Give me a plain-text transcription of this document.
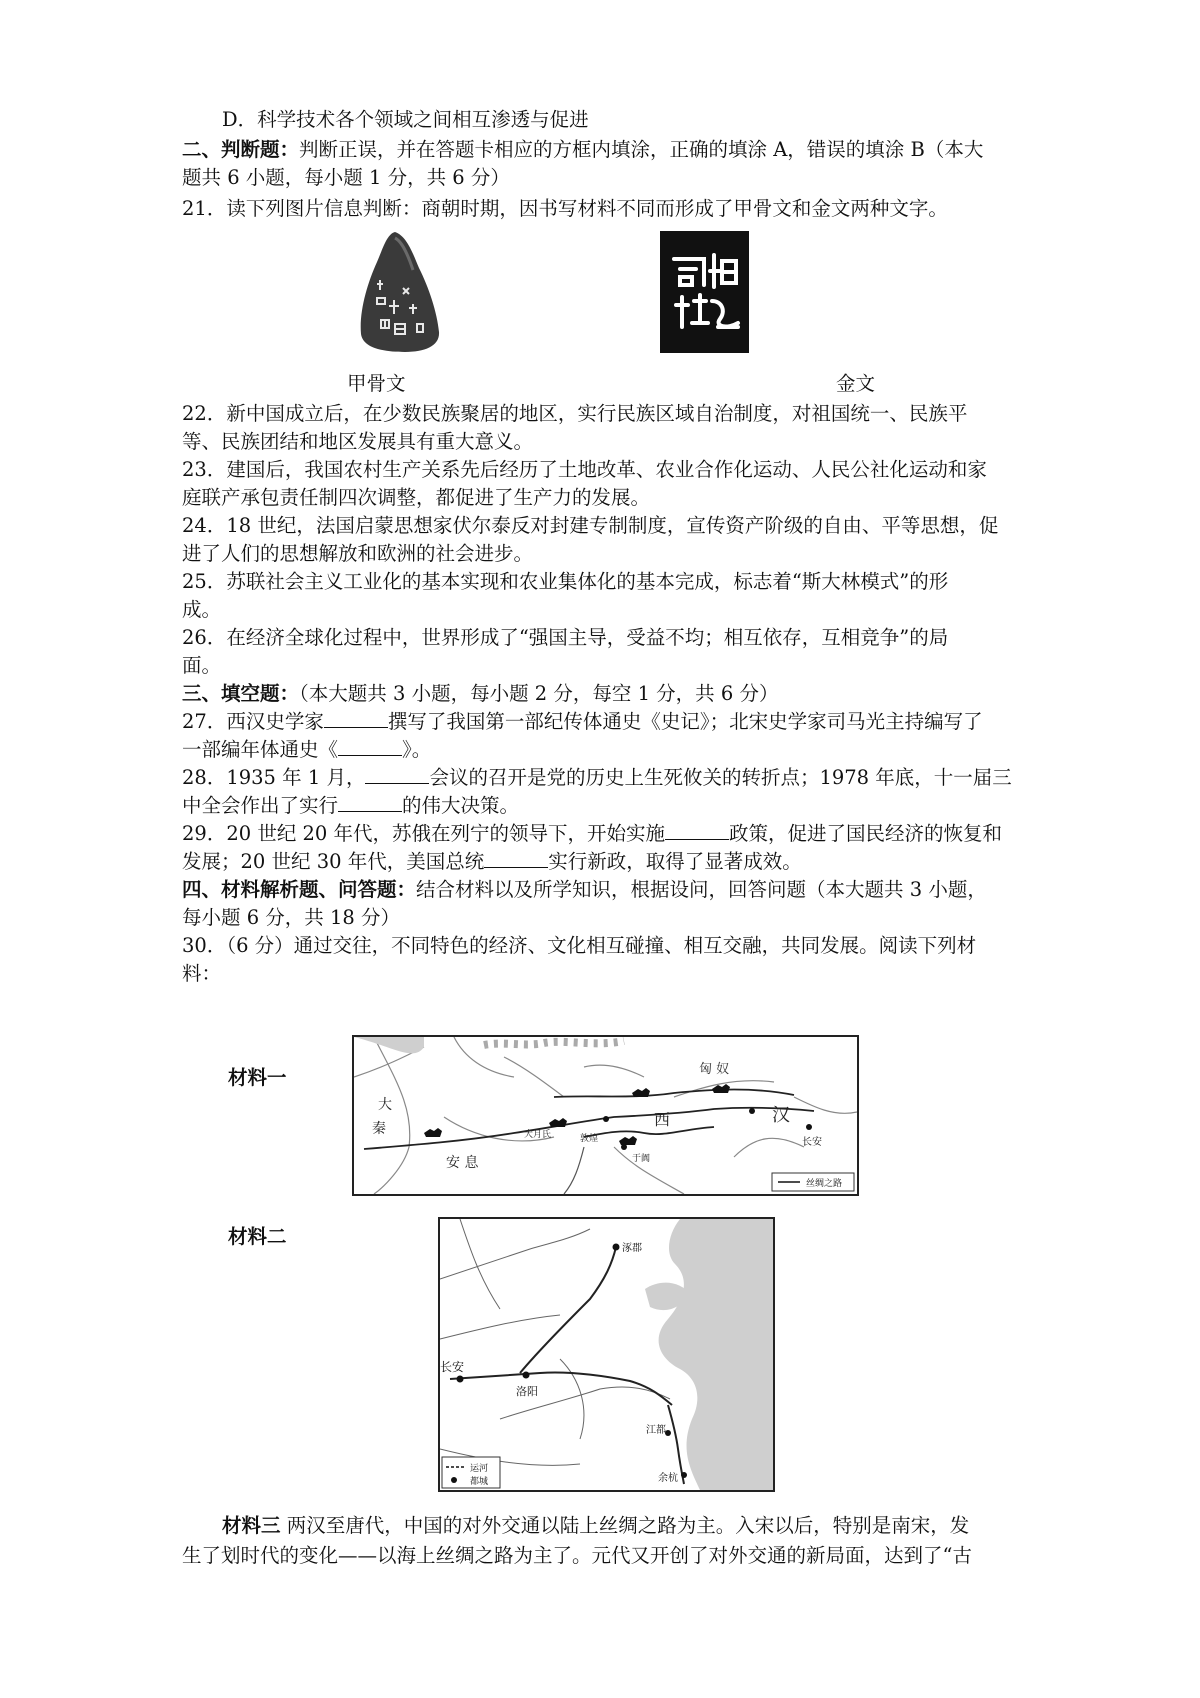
D．科学技术各个领域之间相互渗透与促进
二、判断题：判断正误，并在答题卡相应的方框内填涂，正确的填涂 A，错误的填涂 B（本大
题共 6 小题，每小题 1 分，共 6 分）
21．读下列图片信息判断：商朝时期，因书写材料不同而形成了甲骨文和金文两种文字。
甲骨文	金文
22．新中国成立后，在少数民族聚居的地区，实行民族区域自治制度，对祖国统一、民族平
等、民族团结和地区发展具有重大意义。
23．建国后，我国农村生产关系先后经历了土地改革、农业合作化运动、人民公社化运动和家
庭联产承包责任制四次调整，都促进了生产力的发展。
24．18 世纪，法国启蒙思想家伏尔泰反对封建专制制度，宣传资产阶级的自由、平等思想，促
进了人们的思想解放和欧洲的社会进步。
25．苏联社会主义工业化的基本实现和农业集体化的基本完成，标志着“斯大林模式”的形
成。
26．在经济全球化过程中，世界形成了“强国主导，受益不均；相互依存，互相竞争”的局
面。
三、填空题：（本大题共 3 小题，每小题 2 分，每空 1 分，共 6 分）
27．西汉史学家	撰写了我国第一部纪传体通史《史记》；北宋史学家司马光主持编写了
一部编年体通史《	》。
28．1935 年 1 月，	会议的召开是党的历史上生死攸关的转折点；1978 年底，十一届三
中全会作出了实行	的伟大决策。
29．20 世纪 20 年代，苏俄在列宁的领导下，开始实施	政策，促进了国民经济的恢复和
发展；20 世纪 30 年代，美国总统	实行新政，取得了显著成效。
四、材料解析题、问答题：结合材料以及所学知识，根据设问，回答问题（本大题共 3 小题，
每小题 6 分，共 18 分）
30．（6 分）通过交往，不同特色的经济、文化相互碰撞、相互交融，共同发展。阅读下列材
料：
材料一	匈 奴
汉
西
长安
安 息
大月氏	敦煌
于阗
大
秦
丝绸之路
材料二
涿郡
长安
洛阳
江都
余杭
运河
都城
材料三 两汉至唐代，中国的对外交通以陆上丝绸之路为主。入宋以后，特别是南宋，发
生了划时代的变化——以海上丝绸之路为主了。元代又开创了对外交通的新局面，达到了“古
